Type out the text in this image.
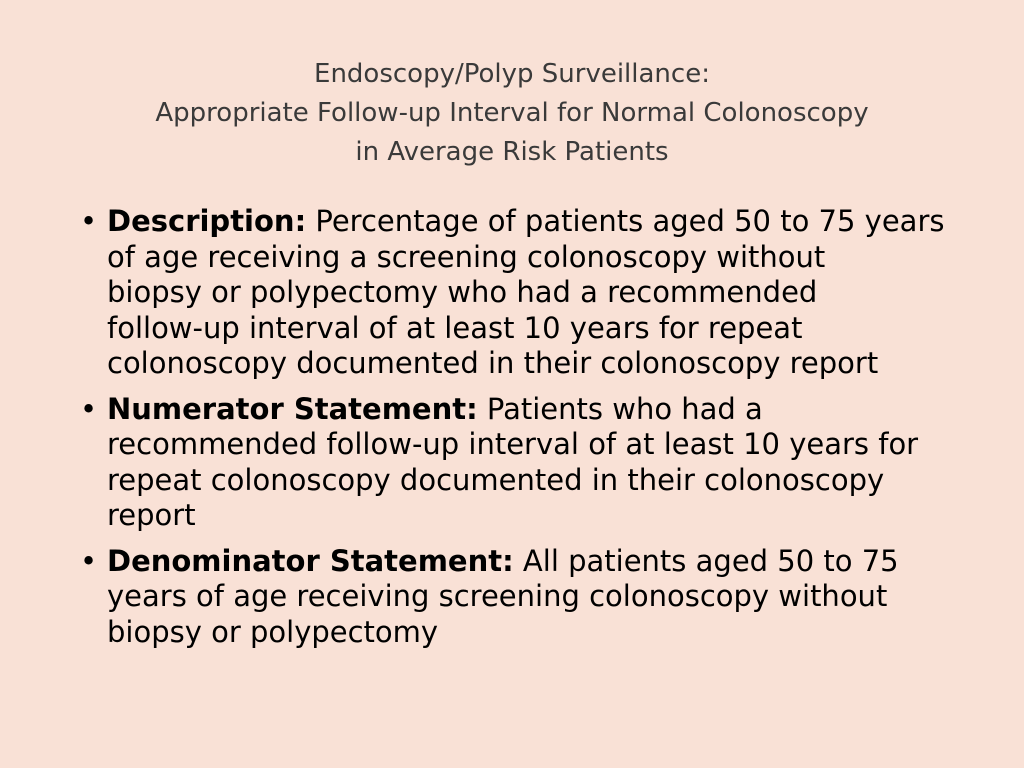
Endoscopy/Polyp Surveillance:
Appropriate Follow-up Interval for Normal Colonoscopy
in Average Risk Patients
• Description: Percentage of patients aged 50 to 75 years
of age receiving a screening colonoscopy without
biopsy or polypectomy who had a recommended
follow-up interval of at least 10 years for repeat
colonoscopy documented in their colonoscopy report
• Numerator Statement: Patients who had a
recommended follow-up interval of at least 10 years for
repeat colonoscopy documented in their colonoscopy
report
• Denominator Statement: All patients aged 50 to 75
years of age receiving screening colonoscopy without
biopsy or polypectomy
